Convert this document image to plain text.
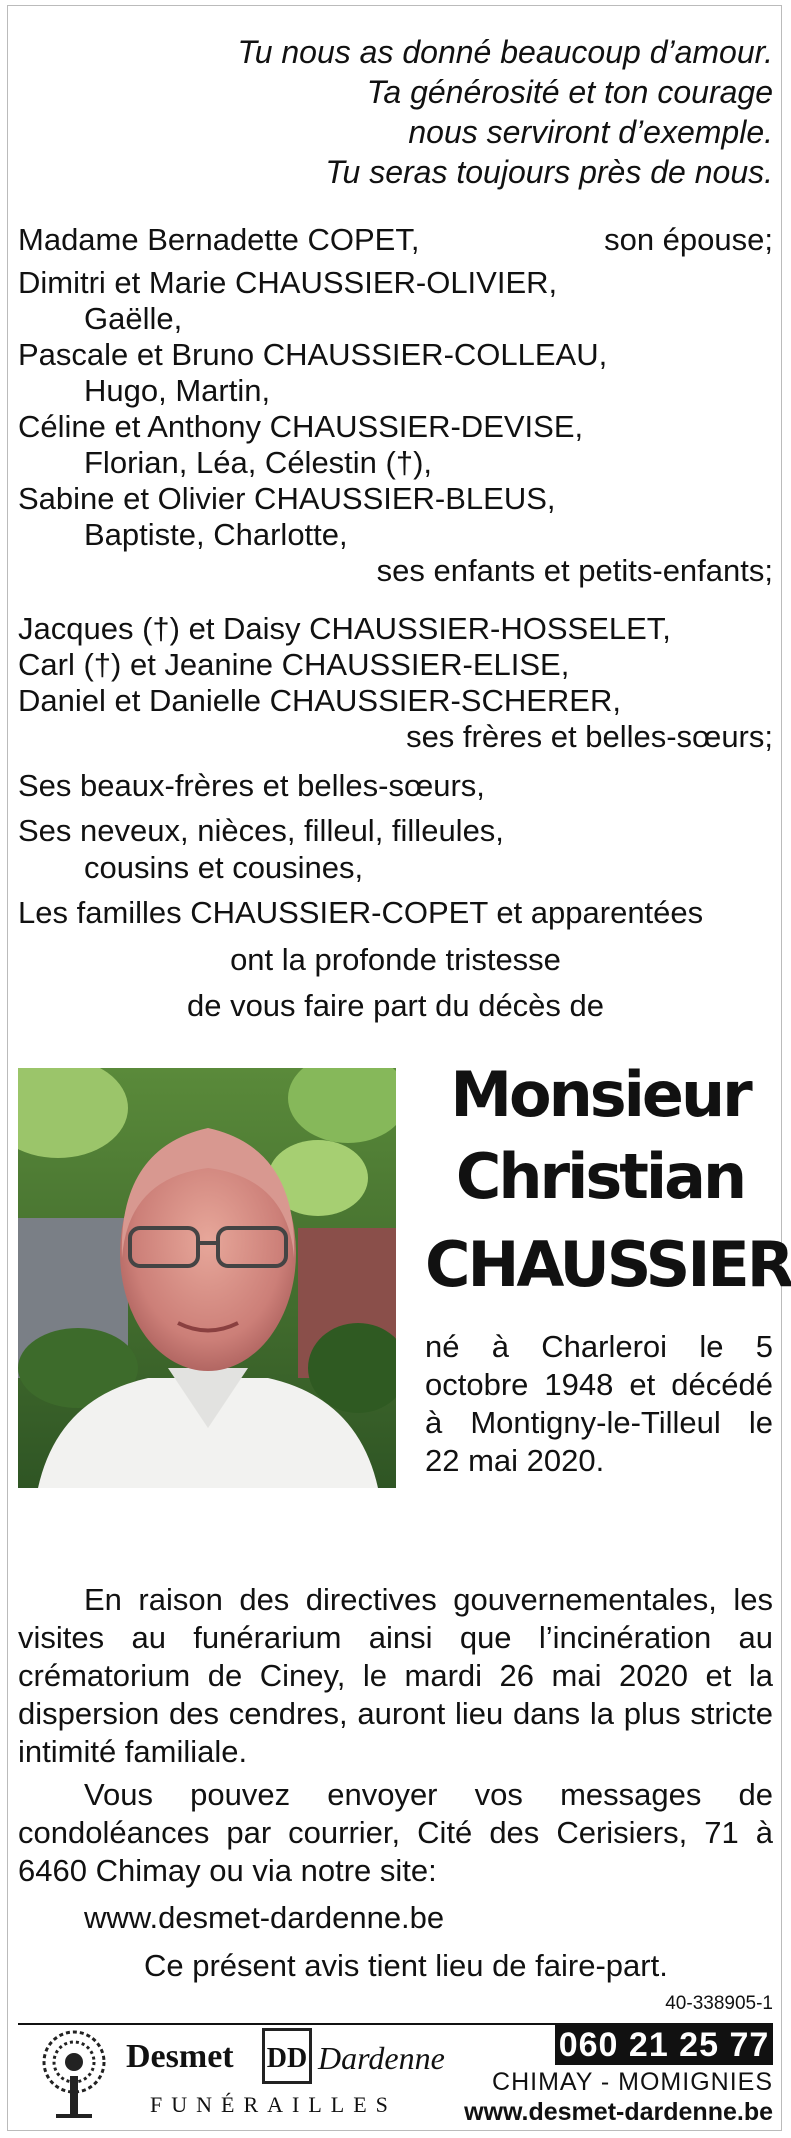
Tu nous as donné beaucoup d’amour.
Ta générosité et ton courage
nous serviront d’exemple.
Tu seras toujours près de nous.
Madame Bernadette COPET,	son épouse;
Dimitri et Marie CHAUSSIER-OLIVIER,
Gaëlle,
Pascale et Bruno CHAUSSIER-COLLEAU,
Hugo, Martin,
Céline et Anthony CHAUSSIER-DEVISE,
Florian, Léa, Célestin (†),
Sabine et Olivier CHAUSSIER-BLEUS,
Baptiste, Charlotte,
ses enfants et petits-enfants;
Jacques (†) et Daisy CHAUSSIER-HOSSELET,
Carl (†) et Jeanine CHAUSSIER-ELISE,
Daniel et Danielle CHAUSSIER-SCHERER,
ses frères et belles-sœurs;
Ses beaux-frères et belles-sœurs,
Ses neveux, nièces, filleul, filleules,
cousins et cousines,
Les familles CHAUSSIER-COPET et apparentées
ont la profonde tristesse
de vous faire part du décès de
Monsieur
Christian
CHAUSSIER
né à Charleroi le 5 octobre 1948 et décédé à Montigny-le-Tilleul le 22 mai 2020.
En raison des directives gouvernementales, les visites au funérarium ainsi que l’incinération au crématorium de Ciney, le mardi 26 mai 2020 et la dispersion des cendres, auront lieu dans la plus stricte intimité familiale.
Vous pouvez envoyer vos messages de condoléances par courrier, Cité des Cerisiers, 71 à 6460 Chimay ou via notre site:
www.desmet-dardenne.be
Ce présent avis tient lieu de faire-part.
40-338905-1
Desmet DD Dardenne
FUNÉRAILLES
060 21 25 77
CHIMAY - MOMIGNIES
www.desmet-dardenne.be
